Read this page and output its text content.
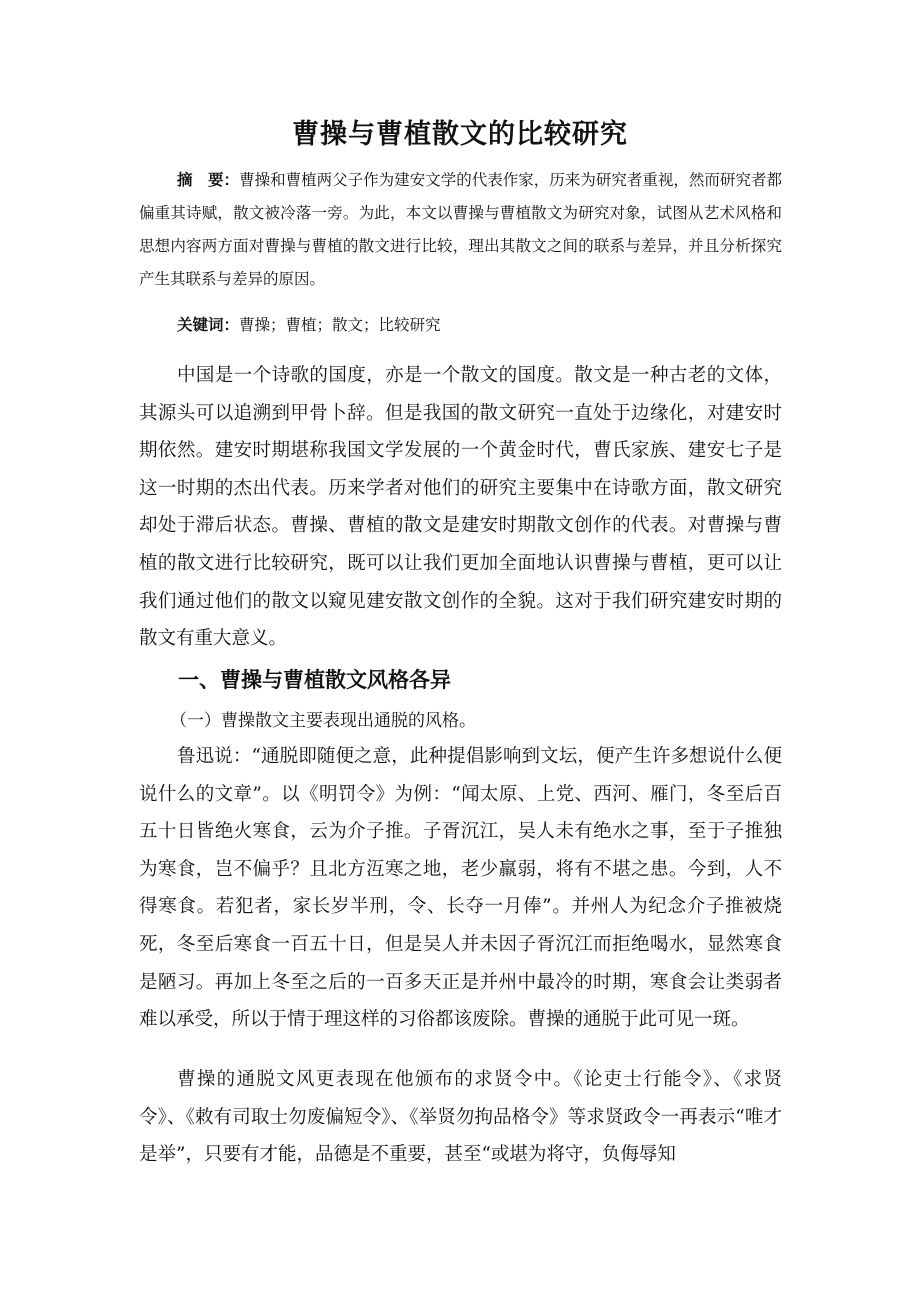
曹操与曹植散文的比较研究
摘　要：曹操和曹植两父子作为建安文学的代表作家，历来为研究者重视，然而研究者都偏重其诗赋，散文被冷落一旁。为此，本文以曹操与曹植散文为研究对象，试图从艺术风格和思想内容两方面对曹操与曹植的散文进行比较，理出其散文之间的联系与差异，并且分析探究产生其联系与差异的原因。
关键词：曹操；曹植；散文；比较研究
中国是一个诗歌的国度，亦是一个散文的国度。散文是一种古老的文体，其源头可以追溯到甲骨卜辞。但是我国的散文研究一直处于边缘化，对建安时期依然。建安时期堪称我国文学发展的一个黄金时代，曹氏家族、建安七子是这一时期的杰出代表。历来学者对他们的研究主要集中在诗歌方面，散文研究却处于滞后状态。曹操、曹植的散文是建安时期散文创作的代表。对曹操与曹植的散文进行比较研究，既可以让我们更加全面地认识曹操与曹植，更可以让我们通过他们的散文以窥见建安散文创作的全貌。这对于我们研究建安时期的散文有重大意义。
一、曹操与曹植散文风格各异
（一）曹操散文主要表现出通脱的风格。
鲁迅说：“通脱即随便之意，此种提倡影响到文坛，便产生许多想说什么便说什么的文章”。以《明罚令》为例：“闻太原、上党、西河、雁门，冬至后百五十日皆绝火寒食，云为介子推。子胥沉江，吴人未有绝水之事，至于子推独为寒食，岂不偏乎？且北方沍寒之地，老少羸弱，将有不堪之患。今到，人不得寒食。若犯者，家长岁半刑，令、长夺一月俸”。并州人为纪念介子推被烧死，冬至后寒食一百五十日，但是吴人并未因子胥沉江而拒绝喝水，显然寒食是陋习。再加上冬至之后的一百多天正是并州中最冷的时期，寒食会让类弱者难以承受，所以于情于理这样的习俗都该废除。曹操的通脱于此可见一斑。
曹操的通脱文风更表现在他颁布的求贤令中。《论吏士行能令》、《求贤令》、《敕有司取士勿废偏短令》、《举贤勿拘品格令》等求贤政令一再表示“唯才是举”，只要有才能，品德是不重要，甚至“或堪为将守，负侮辱知
